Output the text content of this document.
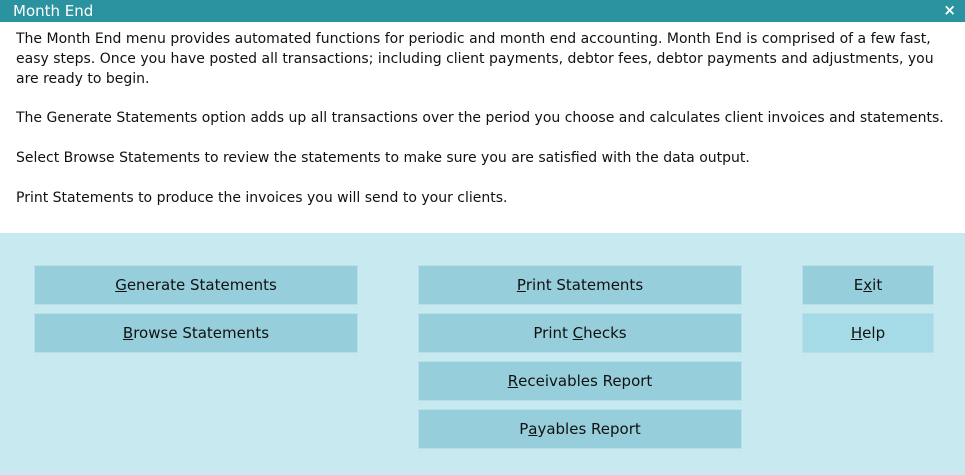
Month End	×

The Month End menu provides automated functions for periodic and month end accounting. Month End is comprised of a few fast, easy steps. Once you have posted all transactions; including client payments, debtor fees, debtor payments and adjustments, you are ready to begin.

The Generate Statements option adds up all transactions over the period you choose and calculates client invoices and statements.

Select Browse Statements to review the statements to make sure you are satisfied with the data output.

Print Statements to produce the invoices you will send to your clients.

G enerate Statements
B rowse Statements
P rint Statements
Print C hecks
R eceivables Report
P a yables Report
E x it
H elp
